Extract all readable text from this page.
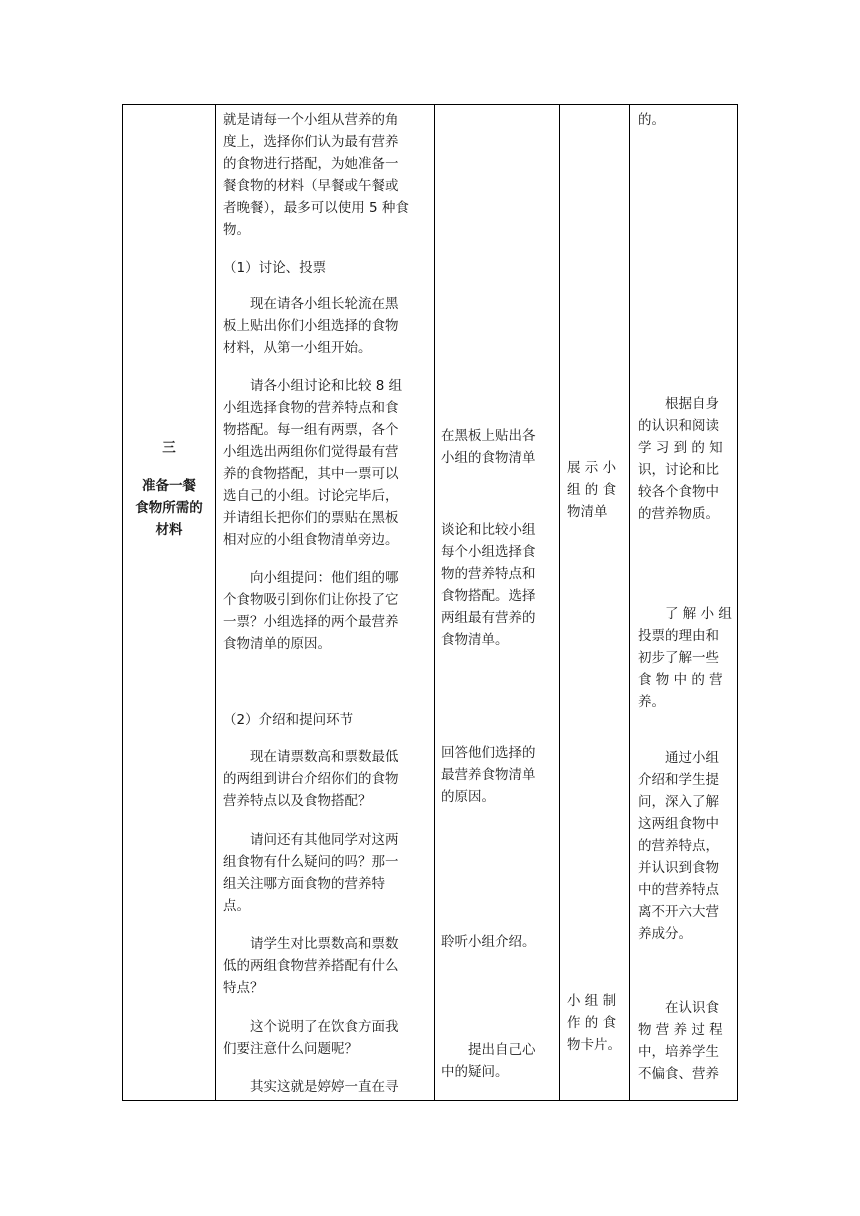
三
准备一餐
食物所需的
材料
就是请每一个小组从营养的角
度上，选择你们认为最有营养
的食物进行搭配，为她准备一
餐食物的材料（早餐或午餐或
者晚餐），最多可以使用 5 种食
物。
（1）讨论、投票
现在请各小组长轮流在黑
板上贴出你们小组选择的食物
材料，从第一小组开始。
请各小组讨论和比较 8 组
小组选择食物的营养特点和食
物搭配。每一组有两票，各个
小组选出两组你们觉得最有营
养的食物搭配，其中一票可以
选自己的小组。讨论完毕后，
并请组长把你们的票贴在黑板
相对应的小组食物清单旁边。
向小组提问：他们组的哪
个食物吸引到你们让你投了它
一票？小组选择的两个最营养
食物清单的原因。
（2）介绍和提问环节
现在请票数高和票数最低
的两组到讲台介绍你们的食物
营养特点以及食物搭配？
请问还有其他同学对这两
组食物有什么疑问的吗？那一
组关注哪方面食物的营养特
点。
请学生对比票数高和票数
低的两组食物营养搭配有什么
特点？
这个说明了在饮食方面我
们要注意什么问题呢？
其实这就是婷婷一直在寻
在黑板上贴出各
小组的食物清单
谈论和比较小组
每个小组选择食
物的营养特点和
食物搭配。选择
两组最有营养的
食物清单。
回答他们选择的
最营养食物清单
的原因。
聆听小组介绍。
提出自己心
中的疑问。
展 示 小
组 的 食
物清单
小 组 制
作 的 食
物卡片。
的。
根据自身
的认识和阅读
学 习 到 的 知
识，讨论和比
较各个食物中
的营养物质。
了 解 小 组
投票的理由和
初步了解一些
食 物 中 的 营
养。
通过小组
介绍和学生提
问，深入了解
这两组食物中
的营养特点，
并认识到食物
中的营养特点
离不开六大营
养成分。
在认识食
物 营 养 过 程
中，培养学生
不偏食、营养
